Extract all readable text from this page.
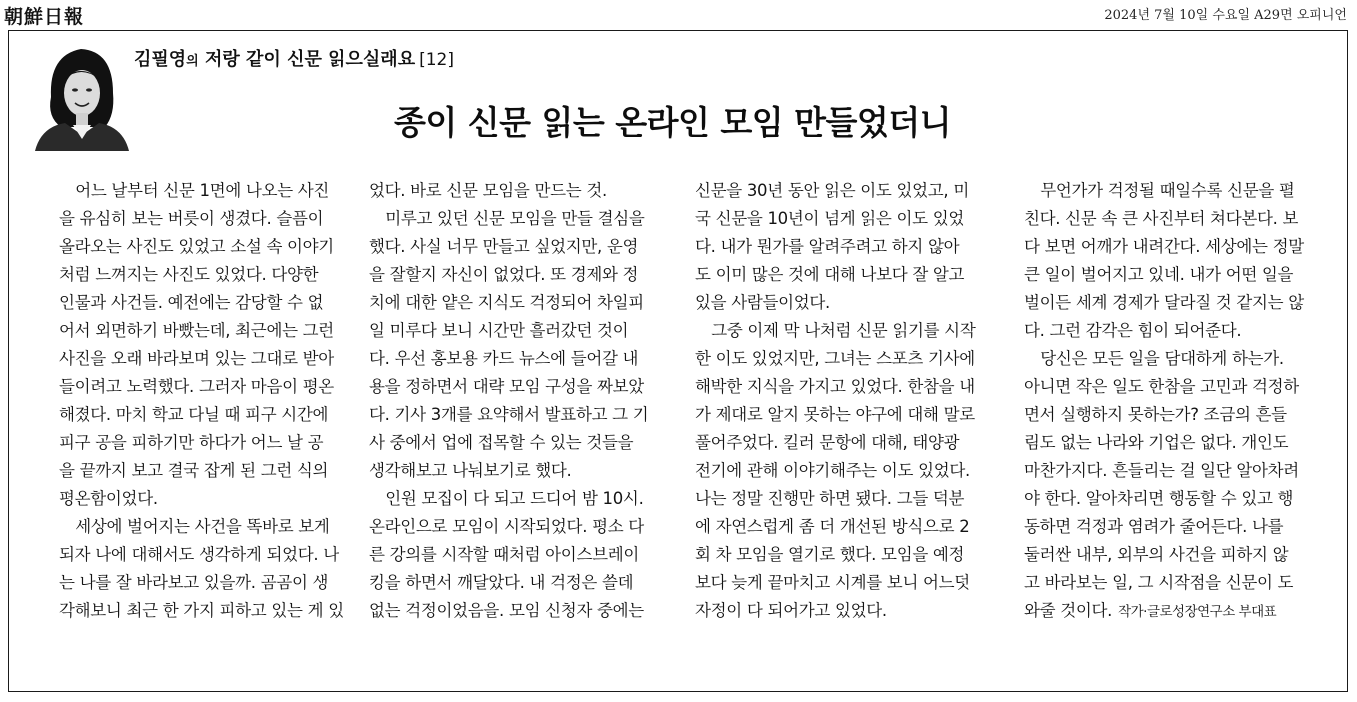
朝鮮日報	2024년 7월 10일 수요일 A29면 오피니언
김필영의 저랑 같이 신문 읽으실래요 [12]
종이 신문 읽는 온라인 모임 만들었더니
　어느 날부터 신문 1면에 나오는 사진
을 유심히 보는 버릇이 생겼다. 슬픔이
올라오는 사진도 있었고 소설 속 이야기
처럼 느껴지는 사진도 있었다. 다양한
인물과 사건들. 예전에는 감당할 수 없
어서 외면하기 바빴는데, 최근에는 그런
사진을 오래 바라보며 있는 그대로 받아
들이려고 노력했다. 그러자 마음이 평온
해졌다. 마치 학교 다닐 때 피구 시간에
피구 공을 피하기만 하다가 어느 날 공
을 끝까지 보고 결국 잡게 된 그런 식의
평온함이었다.
　세상에 벌어지는 사건을 똑바로 보게
되자 나에 대해서도 생각하게 되었다. 나
는 나를 잘 바라보고 있을까. 곰곰이 생
각해보니 최근 한 가지 피하고 있는 게 있
었다. 바로 신문 모임을 만드는 것.
　미루고 있던 신문 모임을 만들 결심을
했다. 사실 너무 만들고 싶었지만, 운영
을 잘할지 자신이 없었다. 또 경제와 정
치에 대한 얕은 지식도 걱정되어 차일피
일 미루다 보니 시간만 흘러갔던 것이
다. 우선 홍보용 카드 뉴스에 들어갈 내
용을 정하면서 대략 모임 구성을 짜보았
다. 기사 3개를 요약해서 발표하고 그 기
사 중에서 업에 접목할 수 있는 것들을
생각해보고 나눠보기로 했다.
　인원 모집이 다 되고 드디어 밤 10시.
온라인으로 모임이 시작되었다. 평소 다
른 강의를 시작할 때처럼 아이스브레이
킹을 하면서 깨달았다. 내 걱정은 쓸데
없는 걱정이었음을. 모임 신청자 중에는
신문을 30년 동안 읽은 이도 있었고, 미
국 신문을 10년이 넘게 읽은 이도 있었
다. 내가 뭔가를 알려주려고 하지 않아
도 이미 많은 것에 대해 나보다 잘 알고
있을 사람들이었다.
　그중 이제 막 나처럼 신문 읽기를 시작
한 이도 있었지만, 그녀는 스포츠 기사에
해박한 지식을 가지고 있었다. 한참을 내
가 제대로 알지 못하는 야구에 대해 말로
풀어주었다. 킬러 문항에 대해, 태양광
전기에 관해 이야기해주는 이도 있었다.
나는 정말 진행만 하면 됐다. 그들 덕분
에 자연스럽게 좀 더 개선된 방식으로 2
회 차 모임을 열기로 했다. 모임을 예정
보다 늦게 끝마치고 시계를 보니 어느덧
자정이 다 되어가고 있었다.
　무언가가 걱정될 때일수록 신문을 펼
친다. 신문 속 큰 사진부터 쳐다본다. 보
다 보면 어깨가 내려간다. 세상에는 정말
큰 일이 벌어지고 있네. 내가 어떤 일을
벌이든 세계 경제가 달라질 것 같지는 않
다. 그런 감각은 힘이 되어준다.
　당신은 모든 일을 담대하게 하는가.
아니면 작은 일도 한참을 고민과 걱정하
면서 실행하지 못하는가? 조금의 흔들
림도 없는 나라와 기업은 없다. 개인도
마찬가지다. 흔들리는 걸 일단 알아차려
야 한다. 알아차리면 행동할 수 있고 행
동하면 걱정과 염려가 줄어든다. 나를
둘러싼 내부, 외부의 사건을 피하지 않
고 바라보는 일, 그 시작점을 신문이 도
와줄 것이다. 작가·글로성장연구소 부대표
